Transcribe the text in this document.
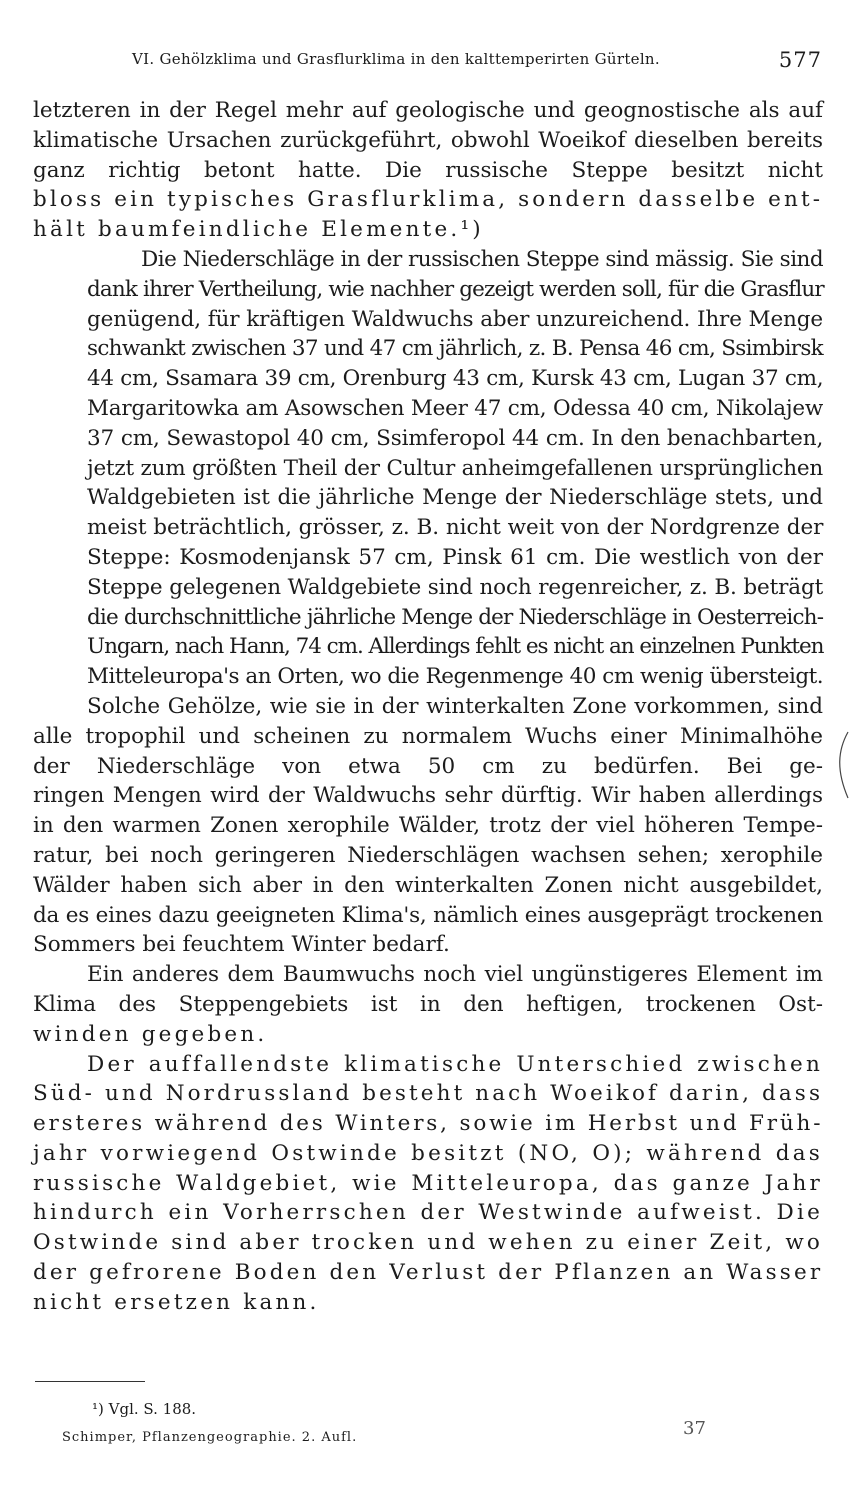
VI. Gehölzklima und Grasflurklima in den kalttemperirten Gürteln.	577

letzteren in der Regel mehr auf geologische und geognostische als auf
klimatische Ursachen zurückgeführt, obwohl Woeikof dieselben bereits
ganz richtig betont hatte. Die russische Steppe besitzt nicht
bloss ein typisches Grasflurklima, sondern dasselbe ent-
hält baumfeindliche Elemente.¹)

Die Niederschläge in der russischen Steppe sind mässig. Sie sind
dank ihrer Vertheilung, wie nachher gezeigt werden soll, für die Grasflur
genügend, für kräftigen Waldwuchs aber unzureichend. Ihre Menge
schwankt zwischen 37 und 47 cm jährlich, z. B. Pensa 46 cm, Ssimbirsk
44 cm, Ssamara 39 cm, Orenburg 43 cm, Kursk 43 cm, Lugan 37 cm,
Margaritowka am Asowschen Meer 47 cm, Odessa 40 cm, Nikolajew
37 cm, Sewastopol 40 cm, Ssimferopol 44 cm. In den benachbarten,
jetzt zum größten Theil der Cultur anheimgefallenen ursprünglichen
Waldgebieten ist die jährliche Menge der Niederschläge stets, und
meist beträchtlich, grösser, z. B. nicht weit von der Nordgrenze der
Steppe: Kosmodenjansk 57 cm, Pinsk 61 cm. Die westlich von der
Steppe gelegenen Waldgebiete sind noch regenreicher, z. B. beträgt
die durchschnittliche jährliche Menge der Niederschläge in Oesterreich-
Ungarn, nach Hann, 74 cm. Allerdings fehlt es nicht an einzelnen Punkten
Mitteleuropa's an Orten, wo die Regenmenge 40 cm wenig übersteigt.

Solche Gehölze, wie sie in der winterkalten Zone vorkommen, sind
alle tropophil und scheinen zu normalem Wuchs einer Minimalhöhe
der Niederschläge von etwa 50 cm zu bedürfen. Bei ge-
ringen Mengen wird der Waldwuchs sehr dürftig. Wir haben allerdings
in den warmen Zonen xerophile Wälder, trotz der viel höheren Tempe-
ratur, bei noch geringeren Niederschlägen wachsen sehen; xerophile
Wälder haben sich aber in den winterkalten Zonen nicht ausgebildet,
da es eines dazu geeigneten Klima's, nämlich eines ausgeprägt trockenen
Sommers bei feuchtem Winter bedarf.

Ein anderes dem Baumwuchs noch viel ungünstigeres Element im
Klima des Steppengebiets ist in den heftigen, trockenen Ost-
winden gegeben.

Der auffallendste klimatische Unterschied zwischen
Süd- und Nordrussland besteht nach Woeikof darin, dass
ersteres während des Winters, sowie im Herbst und Früh-
jahr vorwiegend Ostwinde besitzt (NO, O); während das
russische Waldgebiet, wie Mitteleuropa, das ganze Jahr
hindurch ein Vorherrschen der Westwinde aufweist. Die
Ostwinde sind aber trocken und wehen zu einer Zeit, wo
der gefrorene Boden den Verlust der Pflanzen an Wasser
nicht ersetzen kann.

¹) Vgl. S. 188.
Schimper, Pflanzengeographie. 2. Aufl.	37
